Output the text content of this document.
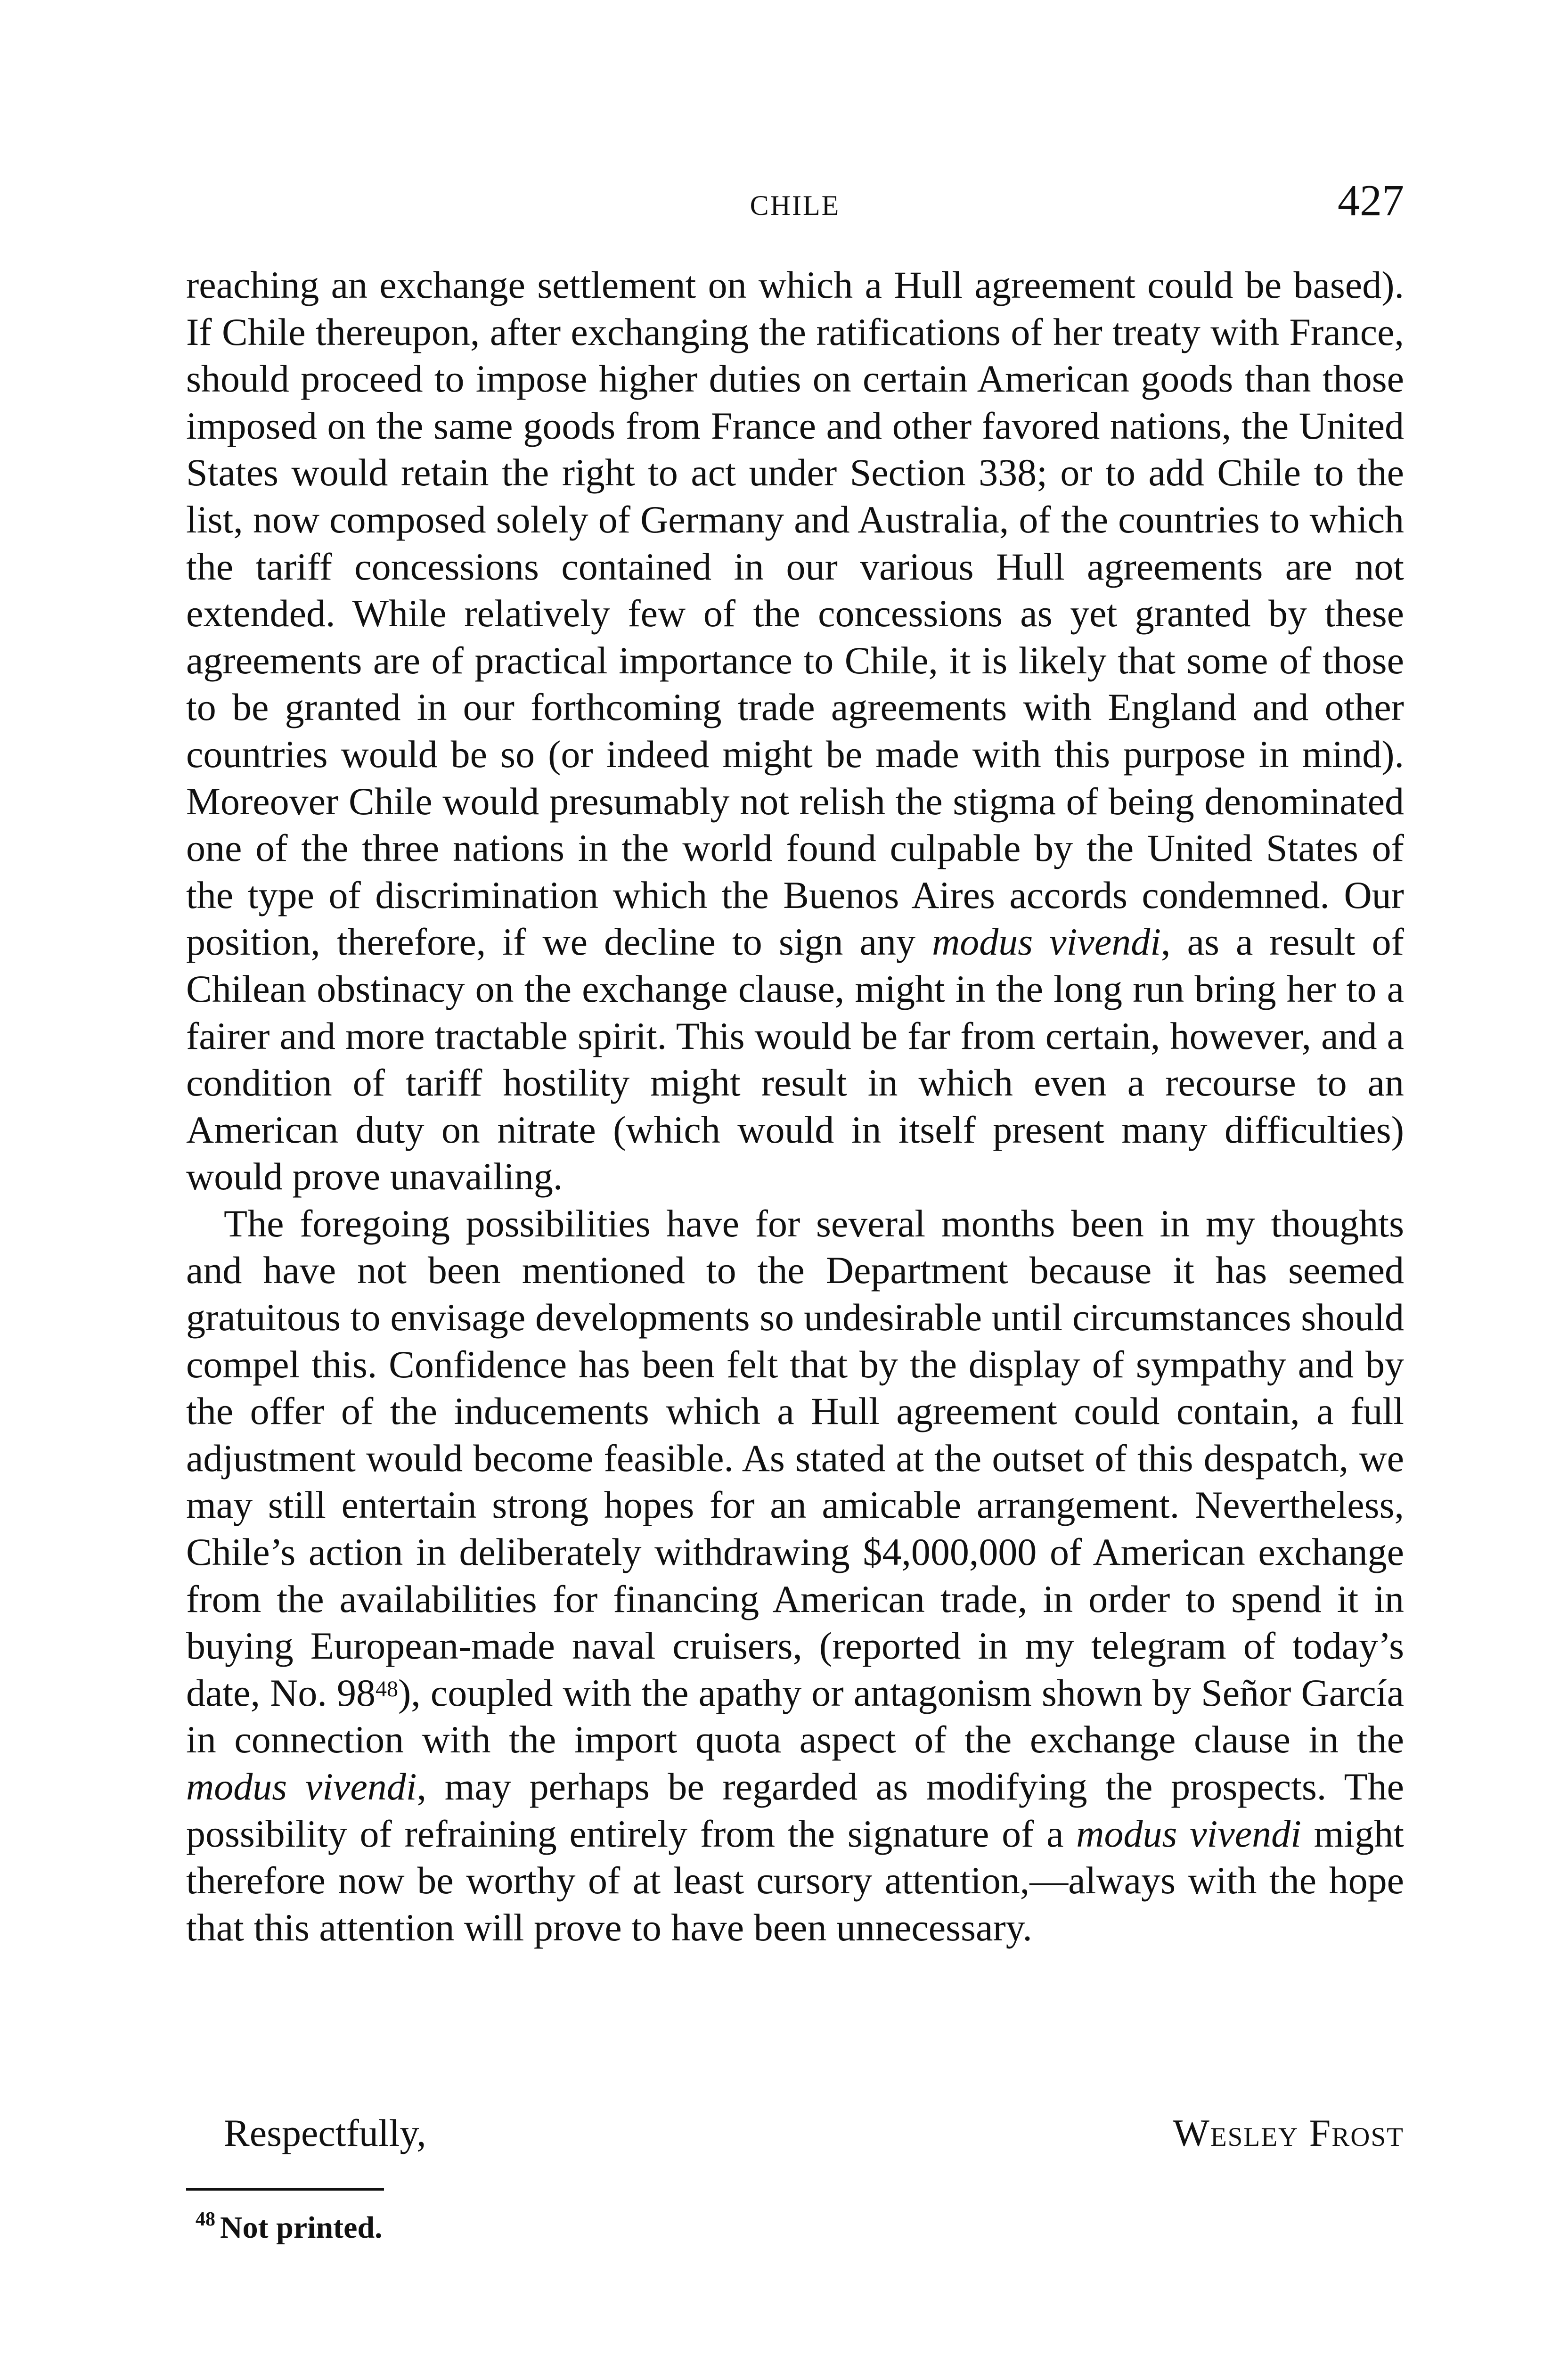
CHILE	427

reaching an exchange settlement on which a Hull agreement could be based). If Chile thereupon, after exchanging the ratifications of her treaty with France, should proceed to impose higher duties on certain American goods than those imposed on the same goods from France and other favored nations, the United States would retain the right to act under Section 338; or to add Chile to the list, now composed solely of Germany and Australia, of the countries to which the tariff concessions contained in our various Hull agreements are not extended. While relatively few of the concessions as yet granted by these agreements are of practical importance to Chile, it is likely that some of those to be granted in our forthcoming trade agreements with England and other countries would be so (or indeed might be made with this purpose in mind). Moreover Chile would presumably not relish the stigma of being denominated one of the three nations in the world found culpable by the United States of the type of discrimination which the Buenos Aires accords condemned. Our position, therefore, if we decline to sign any modus vivendi, as a result of Chilean obstinacy on the exchange clause, might in the long run bring her to a fairer and more tractable spirit. This would be far from certain, however, and a condition of tariff hostility might result in which even a recourse to an American duty on nitrate (which would in itself present many difficulties) would prove unavailing.

The foregoing possibilities have for several months been in my thoughts and have not been mentioned to the Department because it has seemed gratuitous to envisage developments so undesirable until circumstances should compel this. Confidence has been felt that by the display of sympathy and by the offer of the inducements which a Hull agreement could contain, a full adjustment would become feasible. As stated at the outset of this despatch, we may still entertain strong hopes for an amicable arrangement. Nevertheless, Chile’s action in deliberately withdrawing $4,000,000 of American exchange from the availabilities for financing American trade, in order to spend it in buying European-made naval cruisers, (reported in my telegram of today’s date, No. 98$^{48}$), coupled with the apathy or antagonism shown by Señor García in connection with the import quota aspect of the exchange clause in the modus vivendi, may perhaps be regarded as modifying the prospects. The possibility of refraining entirely from the signature of a modus vivendi might therefore now be worthy of at least cursory attention,—always with the hope that this attention will prove to have been unnecessary.

Respectfully,	Wesley Frost
$^{48}$ Not printed.
